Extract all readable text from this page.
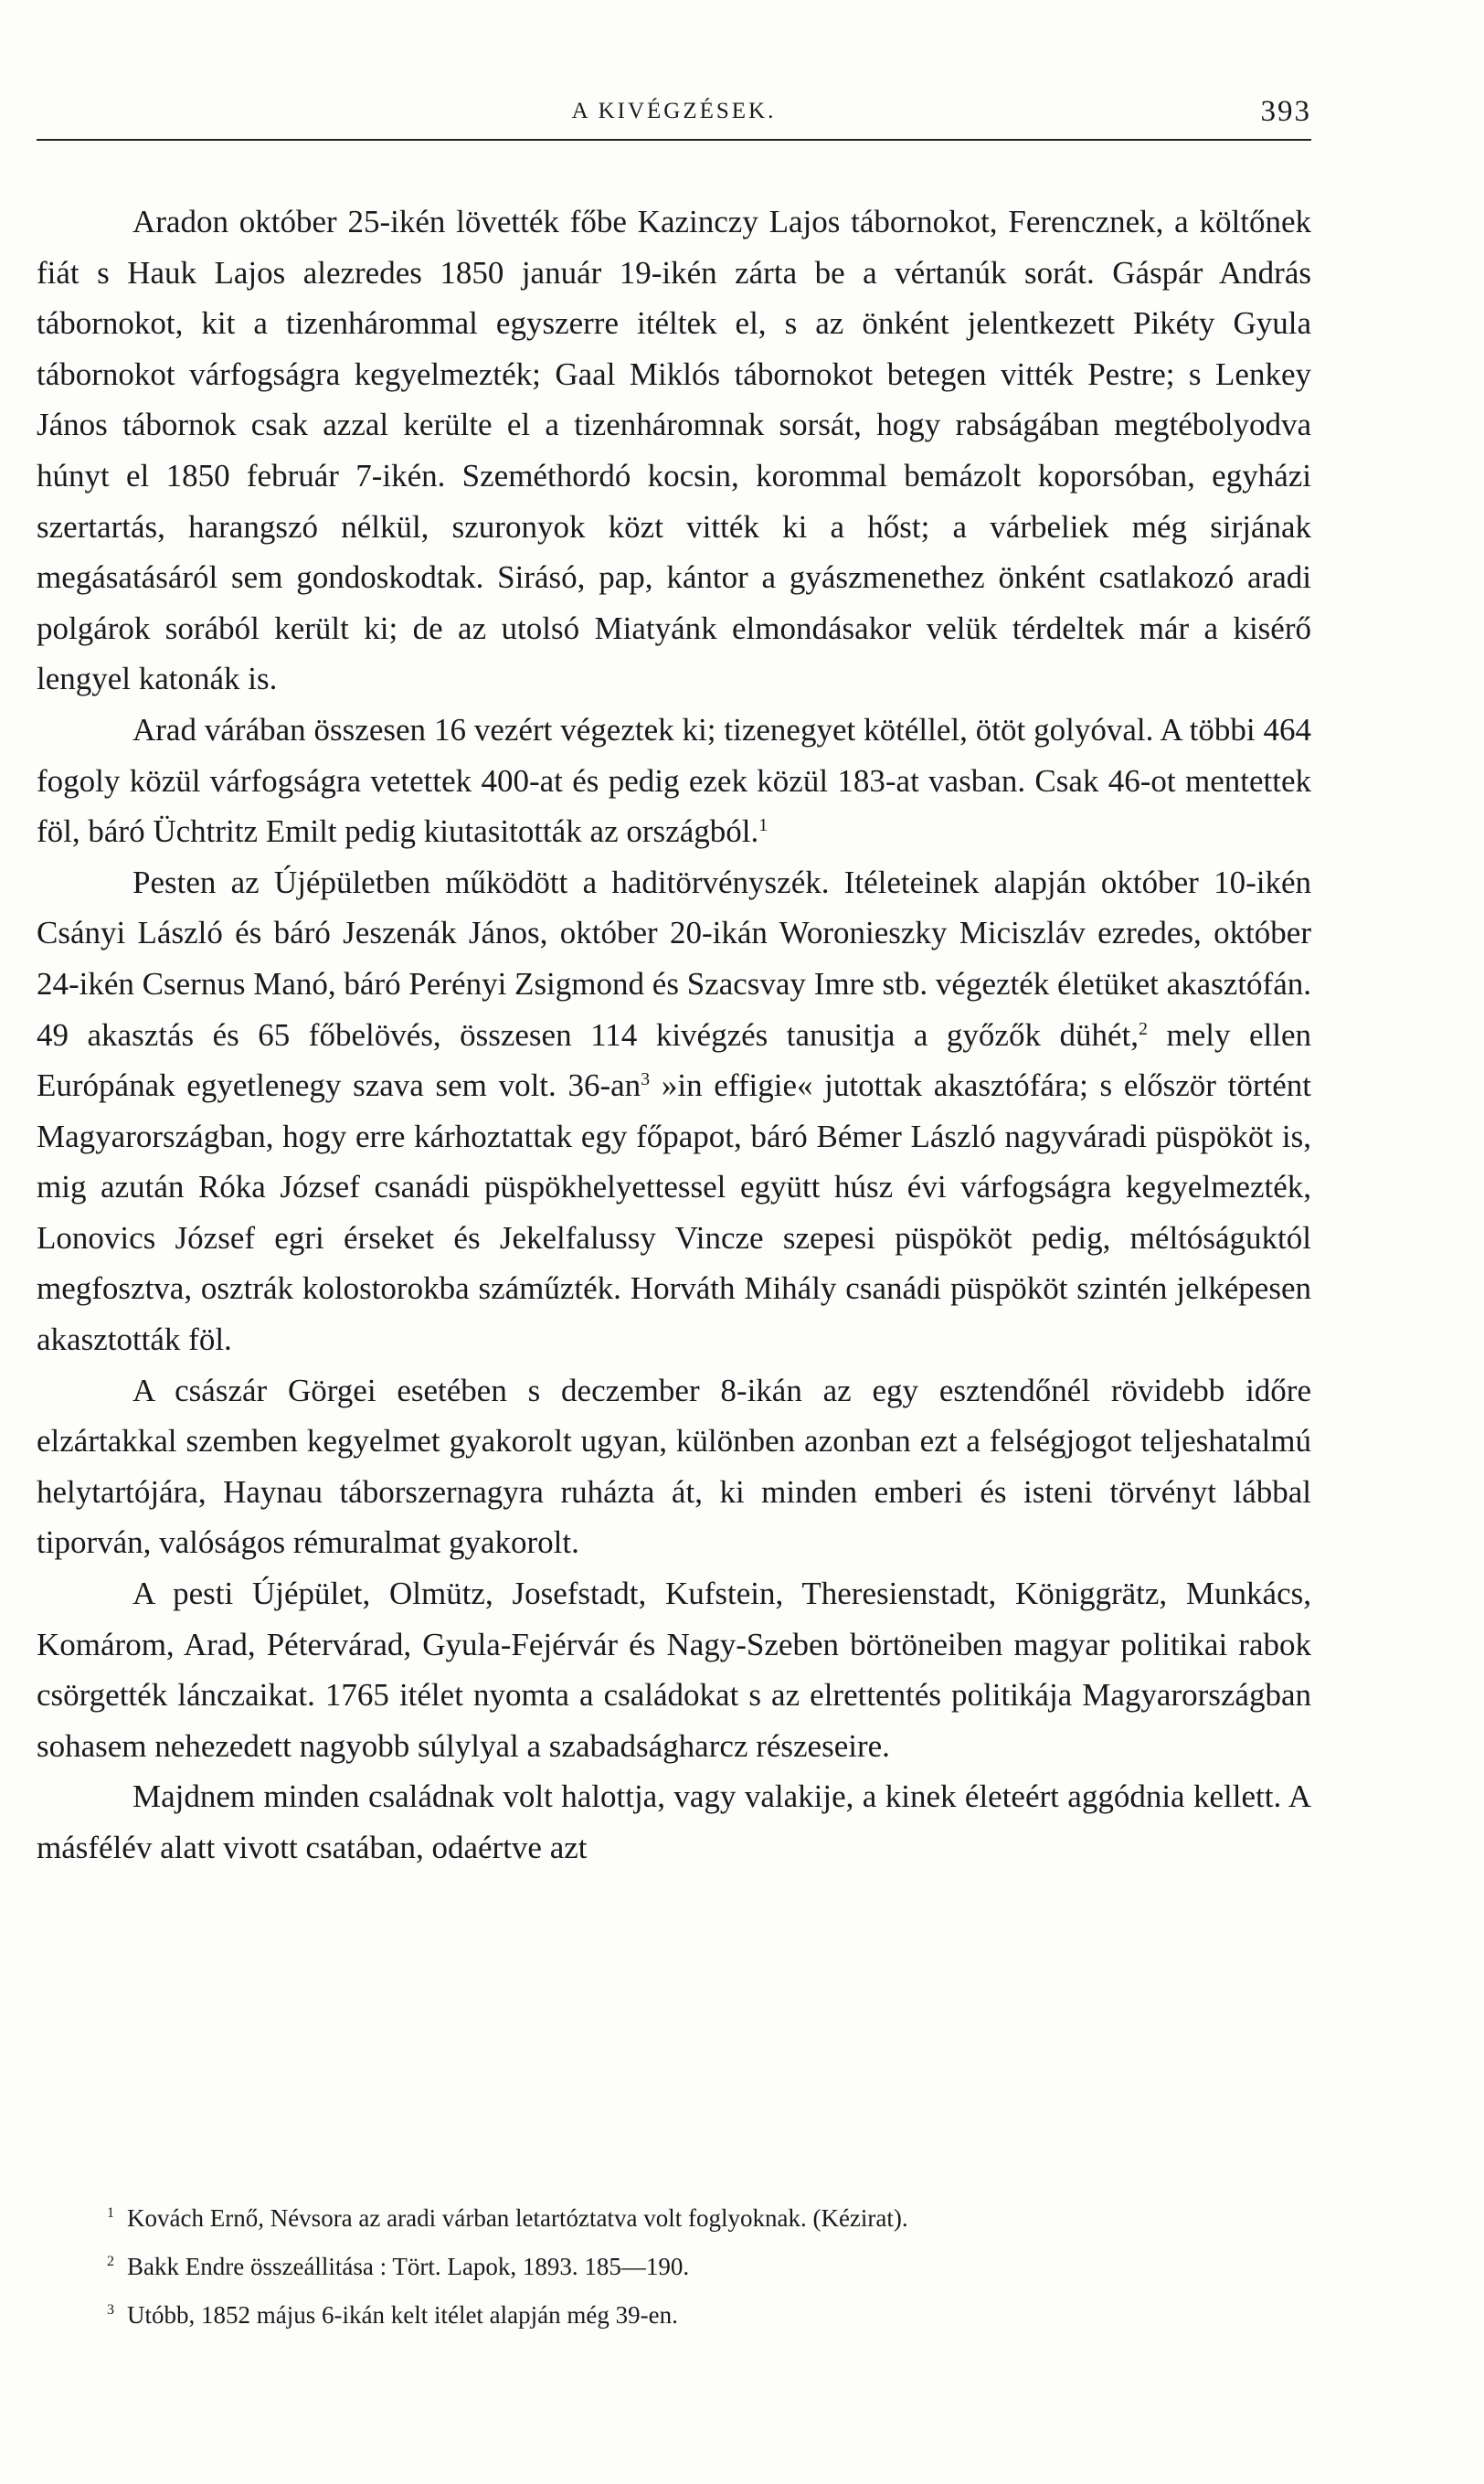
A KIVÉGZÉSEK.	393

Aradon október 25-ikén lövették főbe Kazinczy Lajos tábornokot, Ferencznek, a költőnek fiát s Hauk Lajos alezredes 1850 január 19-ikén zárta be a vértanúk sorát. Gáspár András tábornokot, kit a tizenhárommal egyszerre itéltek el, s az önként jelentkezett Pikéty Gyula tábornokot várfogságra kegyelmezték; Gaal Miklós tábornokot betegen vitték Pestre; s Lenkey János tábornok csak azzal kerülte el a tizenháromnak sorsát, hogy rabságában megtébolyodva húnyt el 1850 február 7-ikén. Szeméthordó kocsin, korommal bemázolt koporsóban, egyházi szertartás, harangszó nélkül, szuronyok közt vitték ki a hőst; a várbeliek még sirjának megásatásáról sem gondoskodtak. Sirásó, pap, kántor a gyászmenethez önként csatlakozó aradi polgárok sorából került ki; de az utolsó Miatyánk elmondásakor velük térdeltek már a kisérő lengyel katonák is.

Arad várában összesen 16 vezért végeztek ki; tizenegyet kötéllel, ötöt golyóval. A többi 464 fogoly közül várfogságra vetettek 400-at és pedig ezek közül 183-at vasban. Csak 46-ot mentettek föl, báró Üchtritz Emilt pedig kiutasitották az országból.$^1$

Pesten az Újépületben működött a haditörvényszék. Itéleteinek alapján október 10-ikén Csányi László és báró Jeszenák János, október 20-ikán Woronieszky Miciszláv ezredes, október 24-ikén Csernus Manó, báró Perényi Zsigmond és Szacsvay Imre stb. végezték életüket akasztófán. 49 akasztás és 65 főbelövés, összesen 114 kivégzés tanusitja a győzők dühét,$^2$ mely ellen Európának egyetlenegy szava sem volt. $36-an^3$ »in effigie« jutottak akasztófára; s először történt Magyarországban, hogy erre kárhoztattak egy főpapot, báró Bémer László nagyváradi püspököt is, mig azután Róka József csanádi püspökhelyettessel együtt húsz évi várfogságra kegyelmezték, Lonovics József egri érseket és Jekelfalussy Vincze szepesi püspököt pedig, méltóságuktól megfosztva, osztrák kolostorokba száműzték. Horváth Mihály csanádi püspököt szintén jelképesen akasztották föl.

A császár Görgei esetében s deczember 8-ikán az egy esztendőnél rövidebb időre elzártakkal szemben kegyelmet gyakorolt ugyan, különben azonban ezt a felségjogot teljeshatalmú helytartójára, Haynau táborszernagyra ruházta át, ki minden emberi és isteni törvényt lábbal tiporván, valóságos rémuralmat gyakorolt.

A pesti Újépület, Olmütz, Josefstadt, Kufstein, Theresienstadt, Königgrätz, Munkács, Komárom, Arad, Pétervárad, Gyula-Fejérvár és Nagy-Szeben börtöneiben magyar politikai rabok csörgették lánczaikat. 1765 itélet nyomta a családokat s az elrettentés politikája Magyarországban sohasem nehezedett nagyobb súlylyal a szabadságharcz részeseire.

Majdnem minden családnak volt halottja, vagy valakije, a kinek életeért aggódnia kellett. A másfélév alatt vivott csatában, odaértve azt

1 Kovách Ernő, Névsora az aradi várban letartóztatva volt foglyoknak. (Kézirat).
2 Bakk Endre összeállitása : Tört. Lapok, 1893. 185—190.
3 Utóbb, 1852 május 6-ikán kelt itélet alapján még 39-en.
